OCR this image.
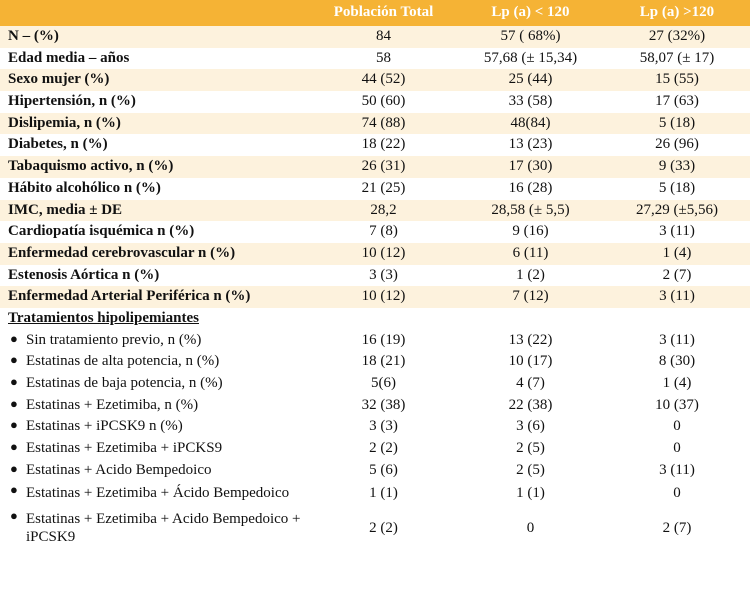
	Población Total	Lp (a) < 120	Lp (a) >120
N – (%)	84	57 ( 68%)	27 (32%)
Edad media – años	58	57,68 (± 15,34)	58,07 (± 17)
Sexo mujer (%)	44 (52)	25 (44)	15 (55)
Hipertensión, n (%)	50 (60)	33 (58)	17 (63)
Dislipemia, n (%)	74 (88)	48(84)	5 (18)
Diabetes, n (%)	18 (22)	13 (23)	26 (96)
Tabaquismo activo, n (%)	26 (31)	17 (30)	9 (33)
Hábito alcohólico n (%)	21 (25)	16 (28)	5 (18)
IMC, media ± DE	28,2	28,58 (± 5,5)	27,29 (±5,56)
Cardiopatía isquémica n (%)	7 (8)	9 (16)	3 (11)
Enfermedad cerebrovascular n (%)	10 (12)	6 (11)	1 (4)
Estenosis Aórtica n (%)	3 (3)	1 (2)	2 (7)
Enfermedad Arterial Periférica n (%)	10 (12)	7 (12)	3 (11)
Tratamientos hipolipemiantes			

● Sin tratamiento previo, n (%)	16 (19)	13 (22)	3 (11)

● Estatinas de alta potencia, n (%)	18 (21)	10 (17)	8 (30)

● Estatinas de baja potencia, n (%)	5(6)	4 (7)	1 (4)

● Estatinas + Ezetimiba, n (%)	32 (38)	22 (38)	10 (37)

● Estatinas + iPCSK9 n (%)	3 (3)	3 (6)	0

● Estatinas + Ezetimiba + iPCKS9	2 (2)	2 (5)	0

● Estatinas + Acido Bempedoico	5 (6)	2 (5)	3 (11)

● Estatinas + Ezetimiba + Ácido Bempedoico	1 (1)	1 (1)	0

● Estatinas + Ezetimiba + Acido Bempedoico + iPCSK9	2 (2)	0	2 (7)
